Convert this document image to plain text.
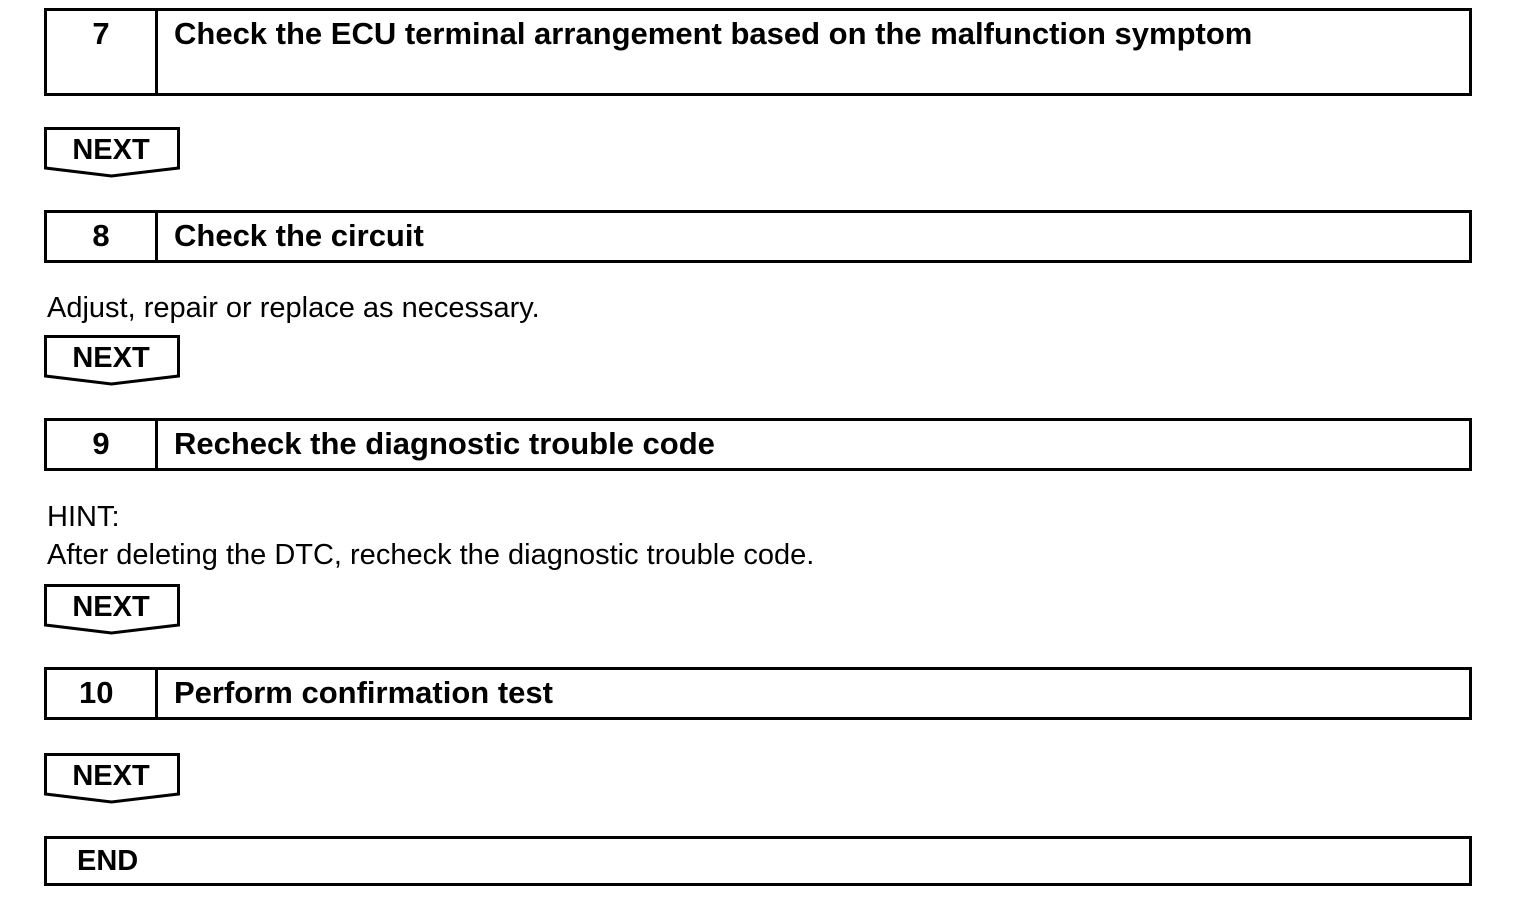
7	Check the ECU terminal arrangement based on the malfunction symptom
NEXT
8	Check the circuit
Adjust, repair or replace as necessary.
NEXT
9	Recheck the diagnostic trouble code
HINT:
After deleting the DTC, recheck the diagnostic trouble code.
NEXT
10	Perform confirmation test
NEXT
END
